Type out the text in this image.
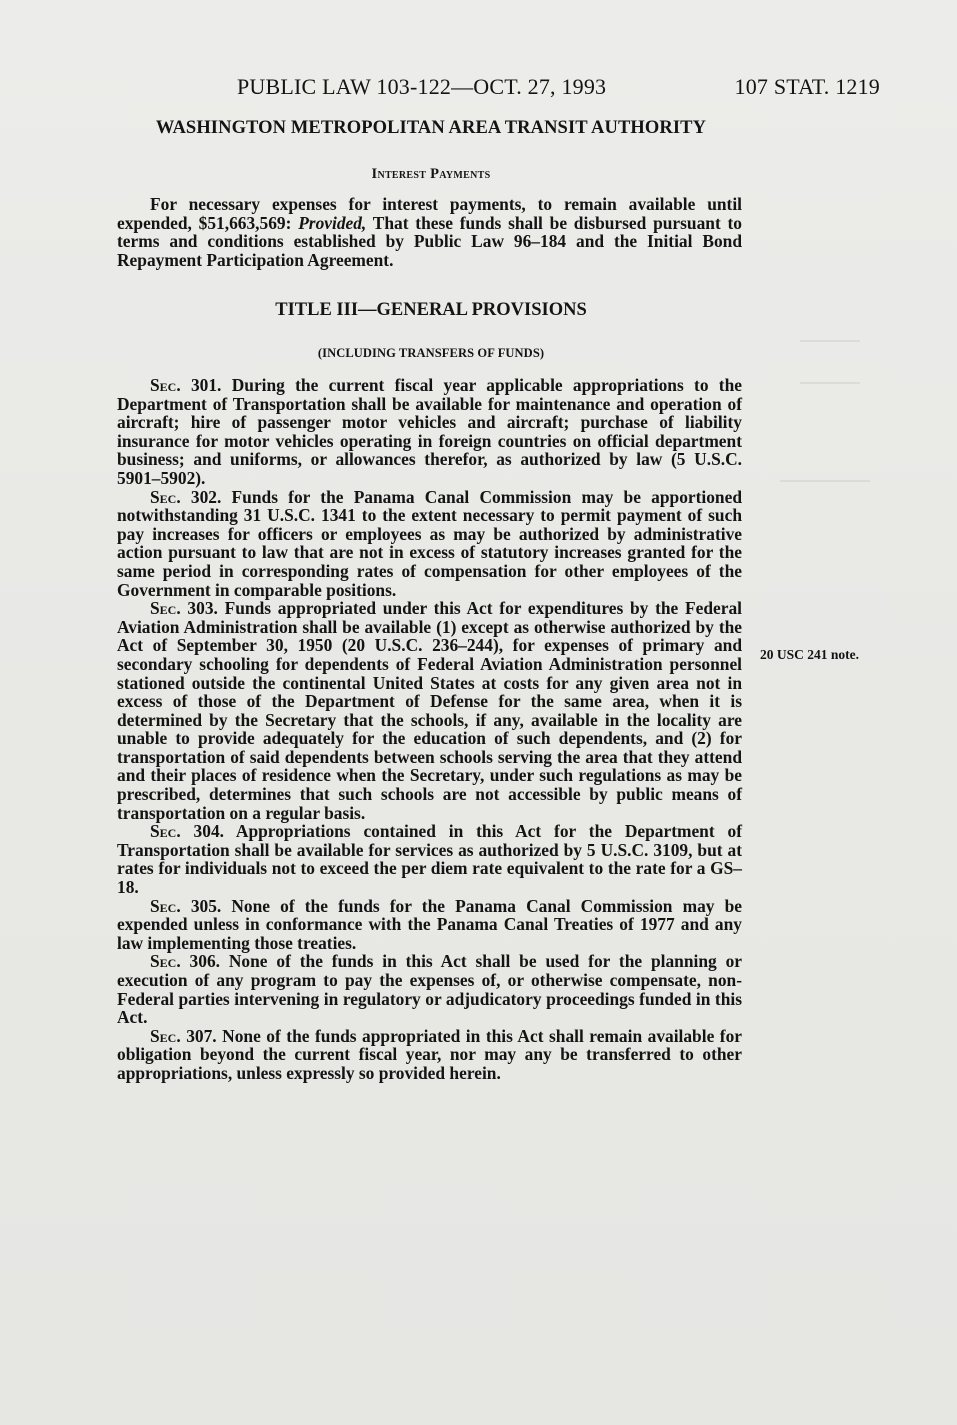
PUBLIC LAW 103-122—OCT. 27, 1993	107 STAT. 1219
WASHINGTON METROPOLITAN AREA TRANSIT AUTHORITY
Interest Payments

For necessary expenses for interest payments, to remain available until expended, $51,663,569: Provided, That these funds shall be disbursed pursuant to terms and conditions established by Public Law 96–184 and the Initial Bond Repayment Participation Agreement.

TITLE III—GENERAL PROVISIONS
(INCLUDING TRANSFERS OF FUNDS)

Sec. 301. During the current fiscal year applicable appropriations to the Department of Transportation shall be available for maintenance and operation of aircraft; hire of passenger motor vehicles and aircraft; purchase of liability insurance for motor vehicles operating in foreign countries on official department business; and uniforms, or allowances therefor, as authorized by law (5 U.S.C. 5901–5902).

Sec. 302. Funds for the Panama Canal Commission may be apportioned notwithstanding 31 U.S.C. 1341 to the extent necessary to permit payment of such pay increases for officers or employees as may be authorized by administrative action pursuant to law that are not in excess of statutory increases granted for the same period in corresponding rates of compensation for other employees of the Government in comparable positions.

Sec. 303. Funds appropriated under this Act for expenditures by the Federal Aviation Administration shall be available (1) except as otherwise authorized by the Act of September 30, 1950 (20 U.S.C. 236–244), for expenses of primary and secondary schooling for dependents of Federal Aviation Administration personnel stationed outside the continental United States at costs for any given area not in excess of those of the Department of Defense for the same area, when it is determined by the Secretary that the schools, if any, available in the locality are unable to provide adequately for the education of such dependents, and (2) for transportation of said dependents between schools serving the area that they attend and their places of residence when the Secretary, under such regulations as may be prescribed, determines that such schools are not accessible by public means of transportation on a regular basis.

Sec. 304. Appropriations contained in this Act for the Department of Transportation shall be available for services as authorized by 5 U.S.C. 3109, but at rates for individuals not to exceed the per diem rate equivalent to the rate for a GS–18.

Sec. 305. None of the funds for the Panama Canal Commission may be expended unless in conformance with the Panama Canal Treaties of 1977 and any law implementing those treaties.

Sec. 306. None of the funds in this Act shall be used for the planning or execution of any program to pay the expenses of, or otherwise compensate, non-Federal parties intervening in regulatory or adjudicatory proceedings funded in this Act.

Sec. 307. None of the funds appropriated in this Act shall remain available for obligation beyond the current fiscal year, nor may any be transferred to other appropriations, unless expressly so provided herein.

20 USC 241 note.
